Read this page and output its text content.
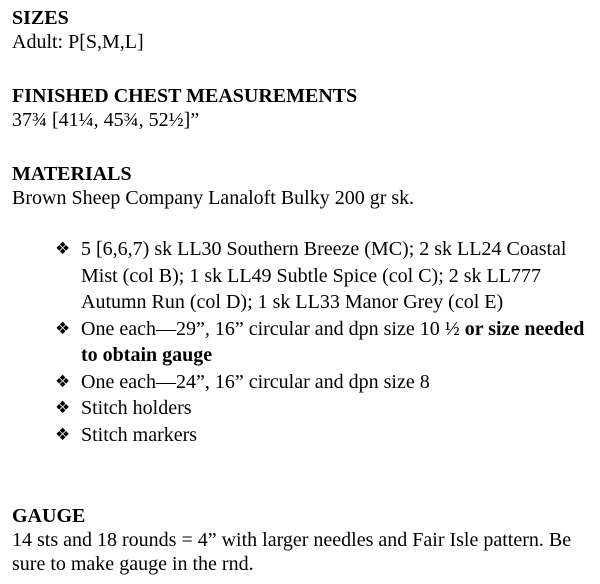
SIZES

Adult: P[S,M,L]

FINISHED CHEST MEASUREMENTS

37¾ [41¼, 45¾, 52½]”

MATERIALS

Brown Sheep Company Lanaloft Bulky 200 gr sk.

❖ 5 [6,6,7) sk LL30 Southern Breeze (MC); 2 sk LL24 Coastal Mist (col B); 1 sk LL49 Subtle Spice (col C); 2 sk LL777 Autumn Run (col D); 1 sk LL33 Manor Grey (col E)
❖ One each—29”, 16” circular and dpn size 10 ½ or size needed to obtain gauge
❖ One each—24”, 16” circular and dpn size 8
❖ Stitch holders
❖ Stitch markers

GAUGE

14 sts and 18 rounds = 4” with larger needles and Fair Isle pattern. Be sure to make gauge in the rnd.
